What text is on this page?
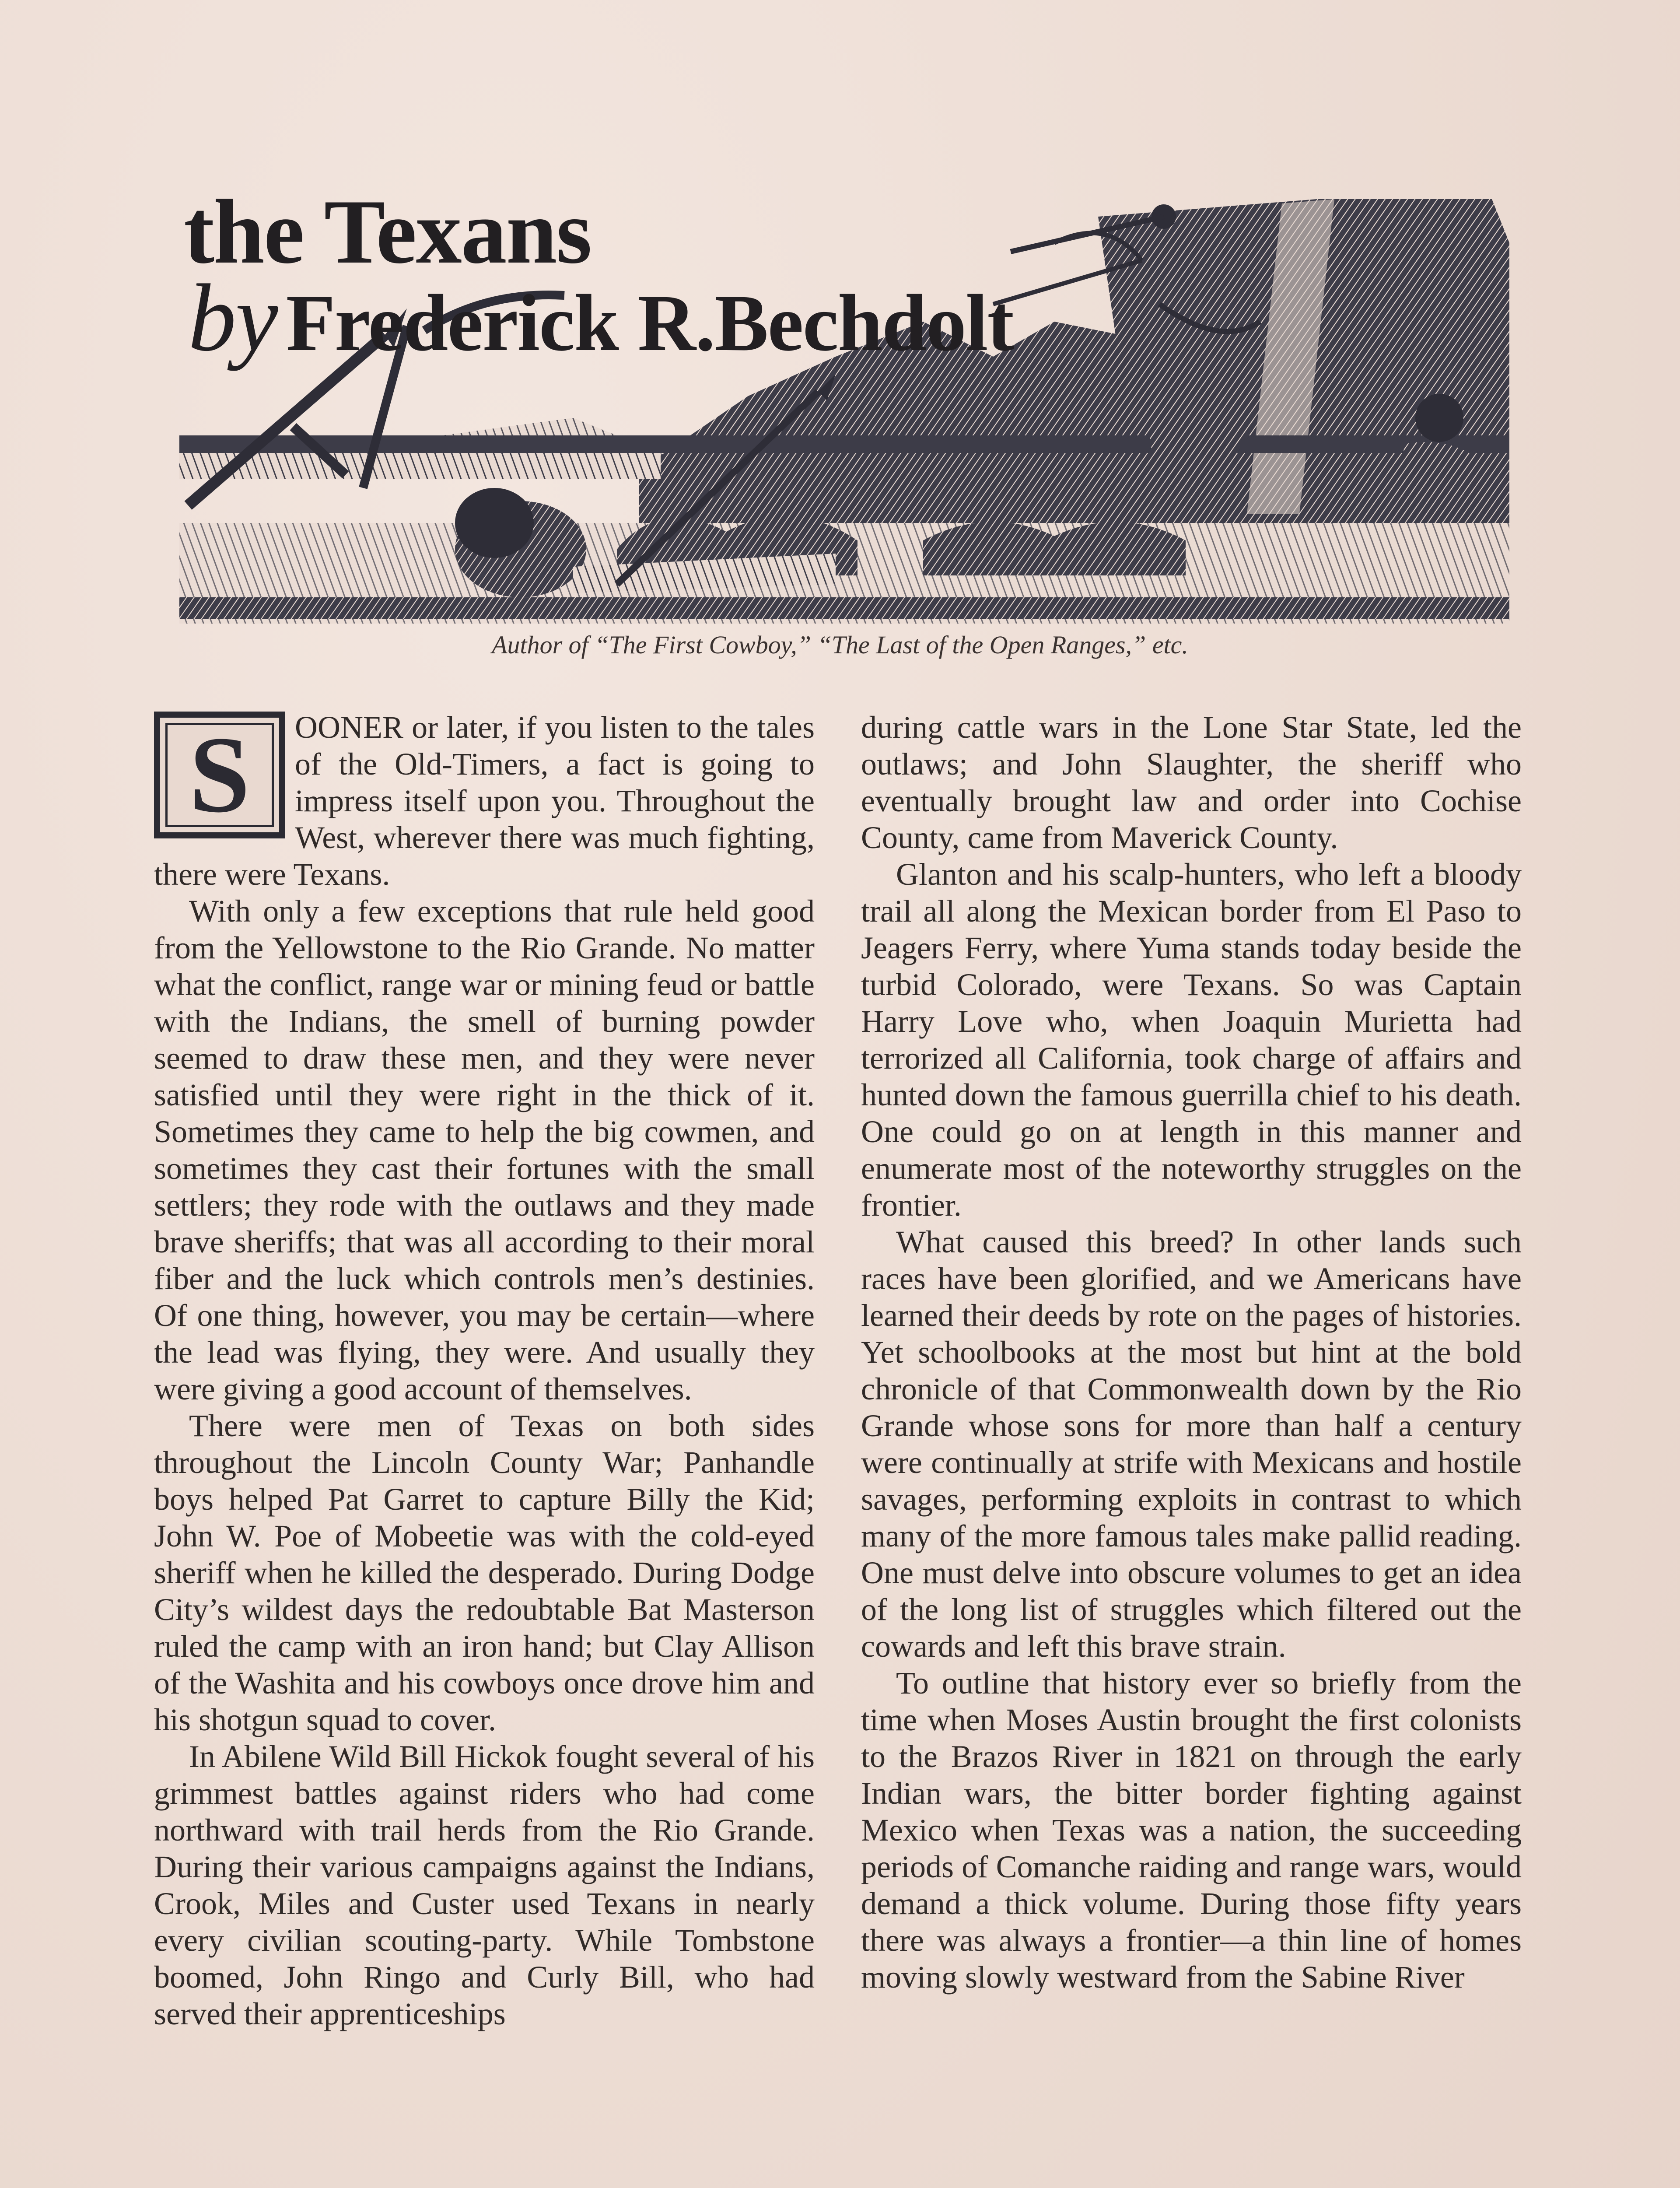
the Texans
by Frederick R.Bechdolt
Author of “The First Cowboy,” “The Last of the Open Ranges,” etc.
S	OONER or later, if you listen to the tales of the Old-Timers, a fact is going to impress itself upon you. Throughout the West, wherever there was much fighting, there were Texans.

With only a few exceptions that rule held good from the Yellowstone to the Rio Grande. No matter what the conflict, range war or mining feud or battle with the Indians, the smell of burning powder seemed to draw these men, and they were never satisfied until they were right in the thick of it. Sometimes they came to help the big cowmen, and sometimes they cast their fortunes with the small settlers; they rode with the outlaws and they made brave sheriffs; that was all according to their moral fiber and the luck which controls men’s destinies. Of one thing, however, you may be certain—where the lead was flying, they were. And usually they were giving a good account of themselves.

There were men of Texas on both sides throughout the Lincoln County War; Panhandle boys helped Pat Garret to capture Billy the Kid; John W. Poe of Mobeetie was with the cold-eyed sheriff when he killed the desperado. During Dodge City’s wildest days the redoubtable Bat Masterson ruled the camp with an iron hand; but Clay Allison of the Washita and his cowboys once drove him and his shotgun squad to cover.

In Abilene Wild Bill Hickok fought several of his grimmest battles against riders who had come northward with trail herds from the Rio Grande. During their various campaigns against the Indians, Crook, Miles and Custer used Texans in nearly every civilian scouting-party. While Tombstone boomed, John Ringo and Curly Bill, who had served their apprenticeships

during cattle wars in the Lone Star State, led the outlaws; and John Slaughter, the sheriff who eventually brought law and order into Cochise County, came from Maverick County.

Glanton and his scalp-hunters, who left a bloody trail all along the Mexican border from El Paso to Jeagers Ferry, where Yuma stands today beside the turbid Colorado, were Texans. So was Captain Harry Love who, when Joaquin Murietta had terrorized all California, took charge of affairs and hunted down the famous guerrilla chief to his death. One could go on at length in this manner and enumerate most of the noteworthy struggles on the frontier.

What caused this breed? In other lands such races have been glorified, and we Americans have learned their deeds by rote on the pages of histories. Yet schoolbooks at the most but hint at the bold chronicle of that Commonwealth down by the Rio Grande whose sons for more than half a century were continually at strife with Mexicans and hostile savages, performing exploits in contrast to which many of the more famous tales make pallid reading. One must delve into obscure volumes to get an idea of the long list of struggles which filtered out the cowards and left this brave strain.

To outline that history ever so briefly from the time when Moses Austin brought the first colonists to the Brazos River in 1821 on through the early Indian wars, the bitter border fighting against Mexico when Texas was a nation, the succeeding periods of Comanche raiding and range wars, would demand a thick volume. During those fifty years there was always a frontier—a thin line of homes moving slowly westward from the Sabine River
